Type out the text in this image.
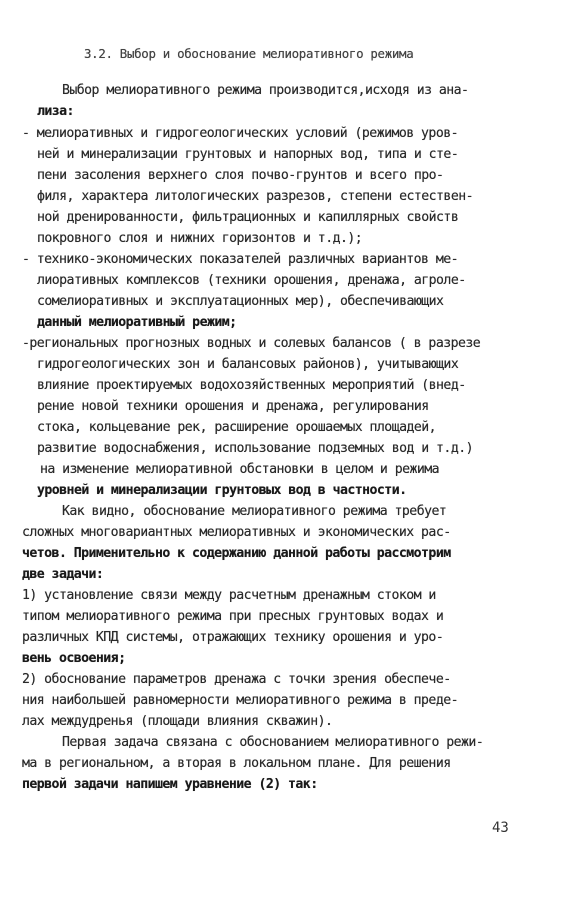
3.2. Выбор и обоснование мелиоративного режима
Выбор мелиоративного режима производится,исходя из ана-
лиза:
- мелиоративных и гидрогеологических условий (режимов уров-
ней и минерализации грунтовых и напорных вод, типа и сте-
пени засоления верхнего слоя почво-грунтов и всего про-
филя, характера литологических разрезов, степени естествен-
ной дренированности, фильтрационных и капиллярных свойств
покровного слоя и нижних горизонтов и т.д.);
- технико-экономических показателей различных вариантов ме-
лиоративных комплексов (техники орошения, дренажа, агроле-
сомелиоративных и эксплуатационных мер), обеспечивающих
данный мелиоративный режим;
-региональных прогнозных водных и солевых балансов ( в разрезе
гидрогеологических зон и балансовых районов), учитывающих
влияние проектируемых водохозяйственных мероприятий (внед-
рение новой техники орошения и дренажа, регулирования
стока, кольцевание рек, расширение орошаемых площадей,
развитие водоснабжения, использование подземных вод и т.д.)
на изменение мелиоративной обстановки в целом и режима
уровней и минерализации грунтовых вод в частности.
Как видно, обоснование мелиоративного режима требует
сложных многовариантных мелиоративных и экономических рас-
четов. Применительно к содержанию данной работы рассмотрим
две задачи:
1) установление связи между расчетным дренажным стоком и
типом мелиоративного режима при пресных грунтовых водах и
различных КПД системы, отражающих технику орошения и уро-
вень освоения;
2) обоснование параметров дренажа с точки зрения обеспече-
ния наибольшей равномерности мелиоративного режима в преде-
лах междудренья (площади влияния скважин).
Первая задача связана с обоснованием мелиоративного режи-
ма в региональном, а вторая в локальном плане. Для решения
первой задачи напишем уравнение (2) так:
43
